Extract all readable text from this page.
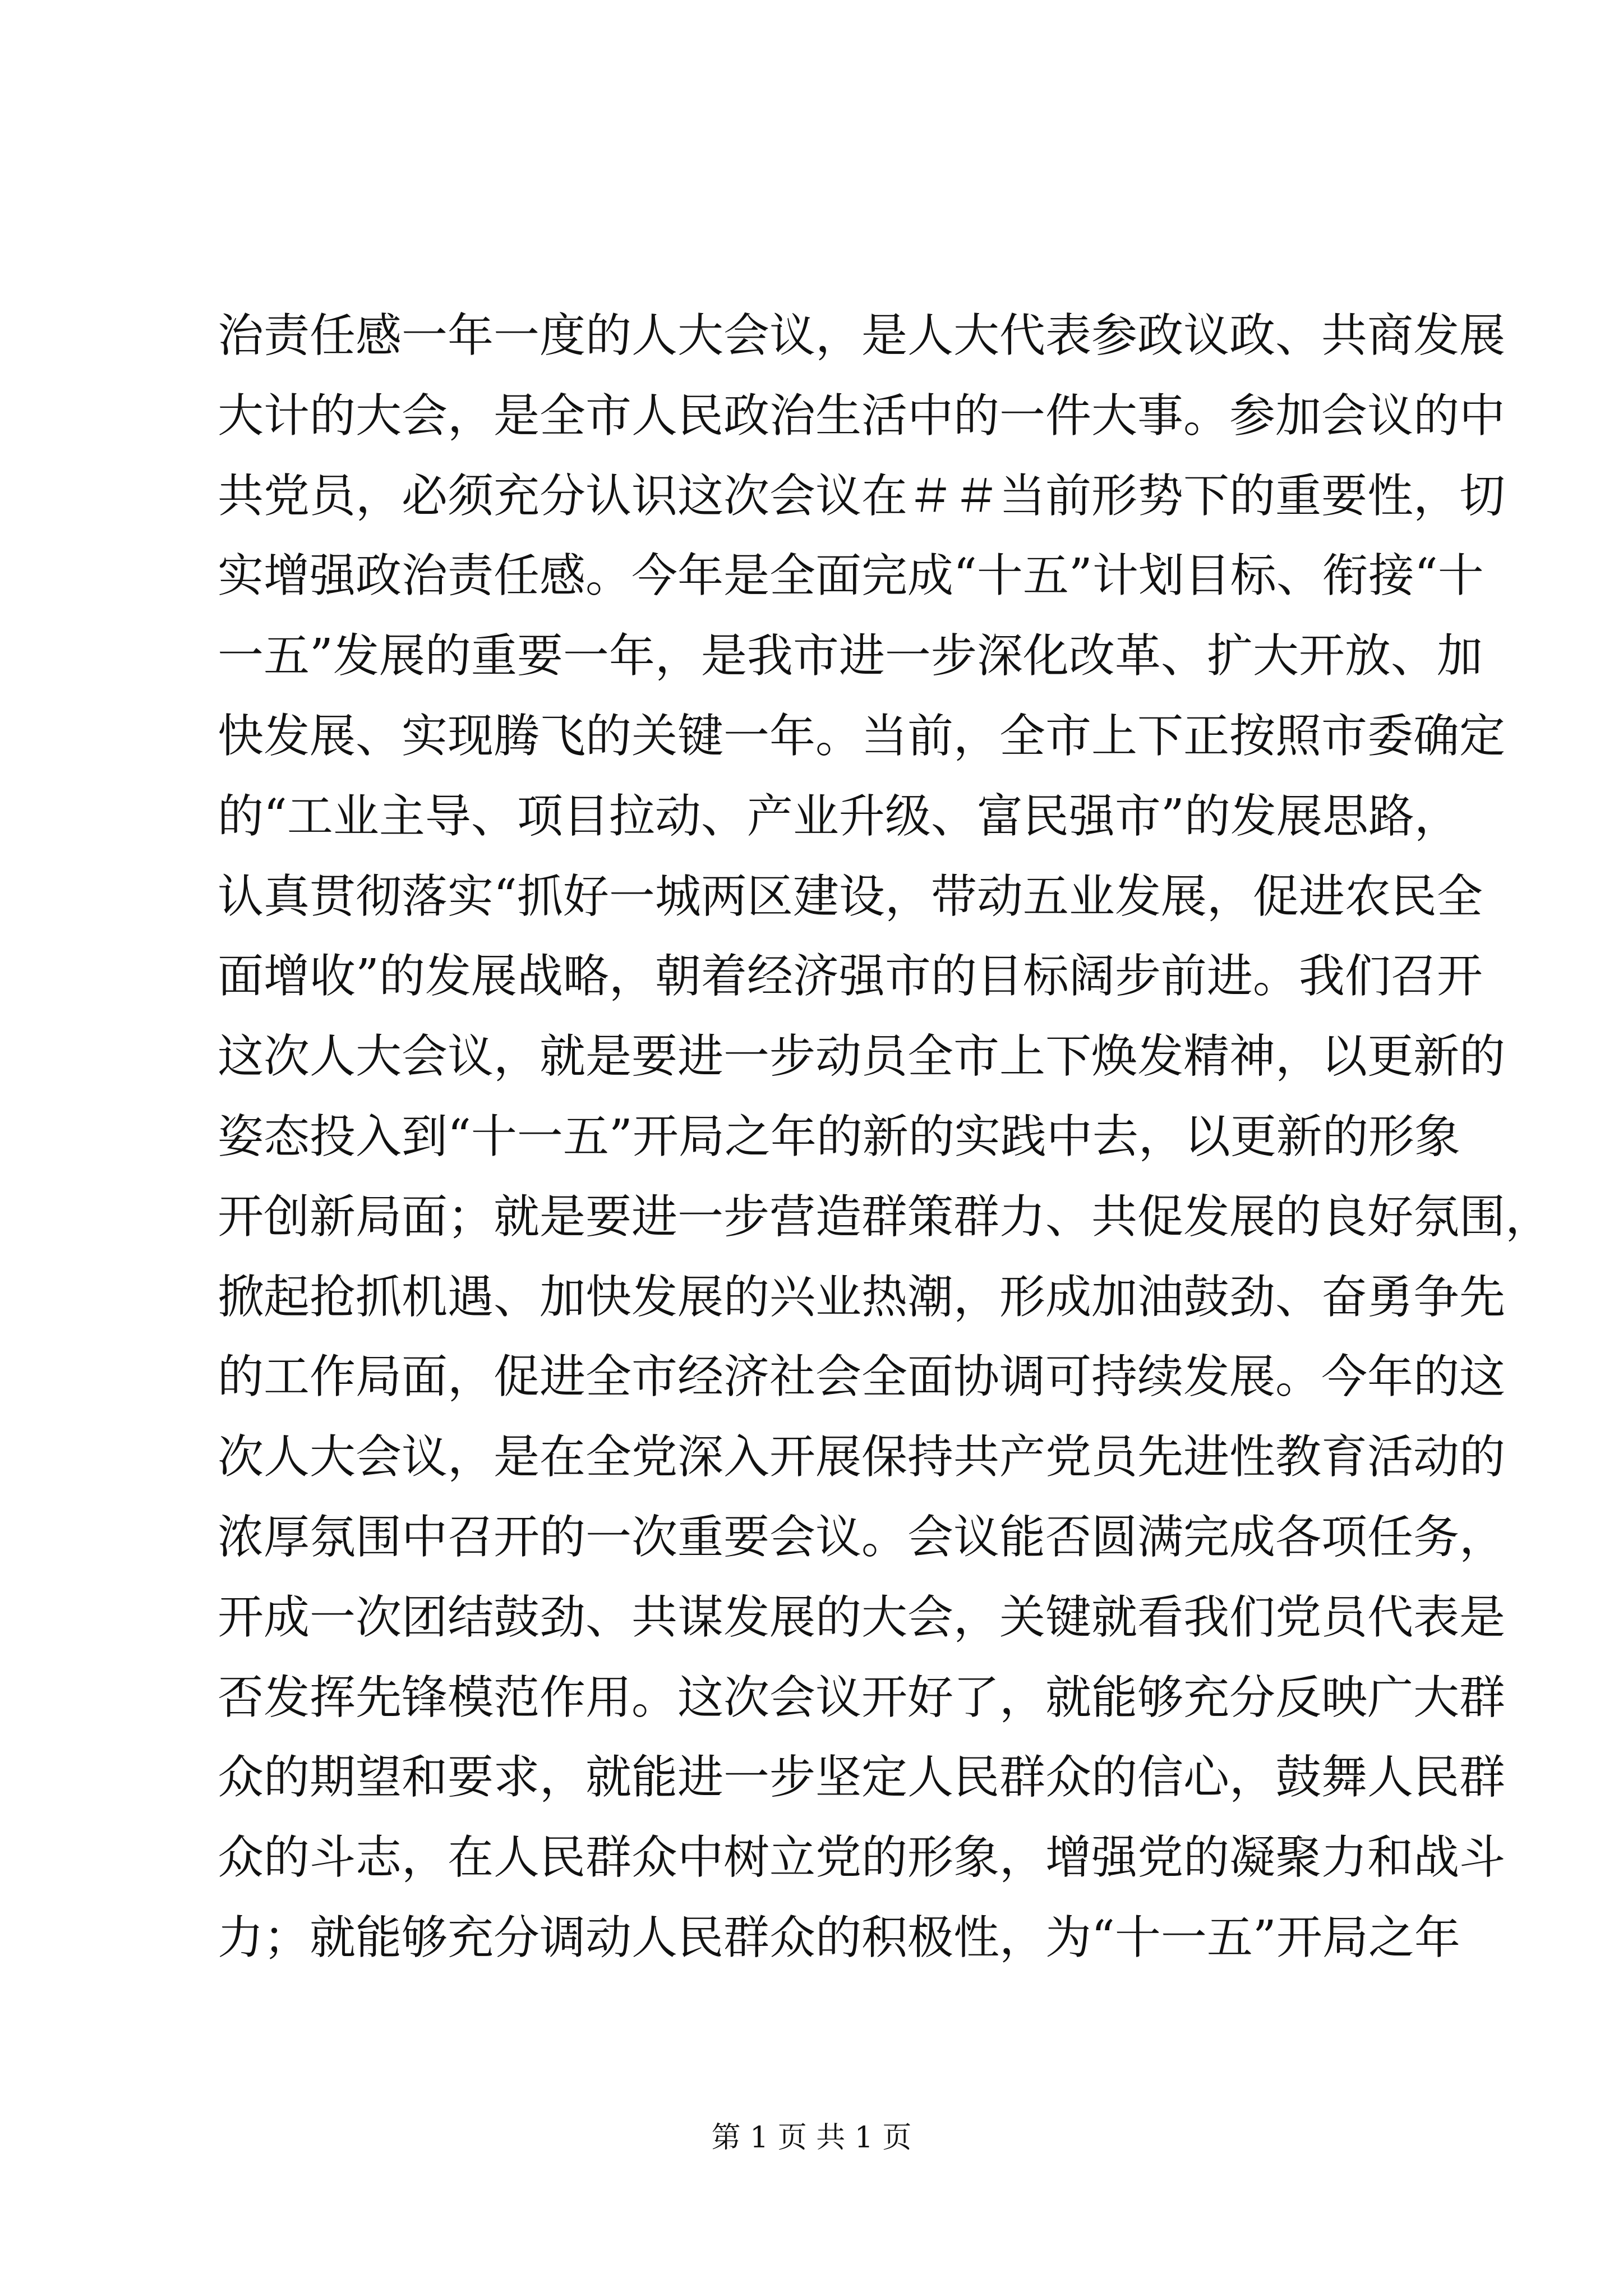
治责任感一年一度的人大会议，是人大代表参政议政、共商发展
大计的大会，是全市人民政治生活中的一件大事。参加会议的中
共党员，必须充分认识这次会议在＃＃当前形势下的重要性，切
实增强政治责任感。今年是全面完成“十五”计划目标、衔接“十
一五”发展的重要一年，是我市进一步深化改革、扩大开放、加
快发展、实现腾飞的关键一年。当前，全市上下正按照市委确定
的“工业主导、项目拉动、产业升级、富民强市”的发展思路，
认真贯彻落实“抓好一城两区建设，带动五业发展，促进农民全
面增收”的发展战略，朝着经济强市的目标阔步前进。我们召开
这次人大会议，就是要进一步动员全市上下焕发精神，以更新的
姿态投入到“十一五”开局之年的新的实践中去，以更新的形象
开创新局面；就是要进一步营造群策群力、共促发展的良好氛围，
掀起抢抓机遇、加快发展的兴业热潮，形成加油鼓劲、奋勇争先
的工作局面，促进全市经济社会全面协调可持续发展。今年的这
次人大会议，是在全党深入开展保持共产党员先进性教育活动的
浓厚氛围中召开的一次重要会议。会议能否圆满完成各项任务，
开成一次团结鼓劲、共谋发展的大会，关键就看我们党员代表是
否发挥先锋模范作用。这次会议开好了，就能够充分反映广大群
众的期望和要求，就能进一步坚定人民群众的信心，鼓舞人民群
众的斗志，在人民群众中树立党的形象，增强党的凝聚力和战斗
力；就能够充分调动人民群众的积极性，为“十一五”开局之年
第 1 页 共 1 页
